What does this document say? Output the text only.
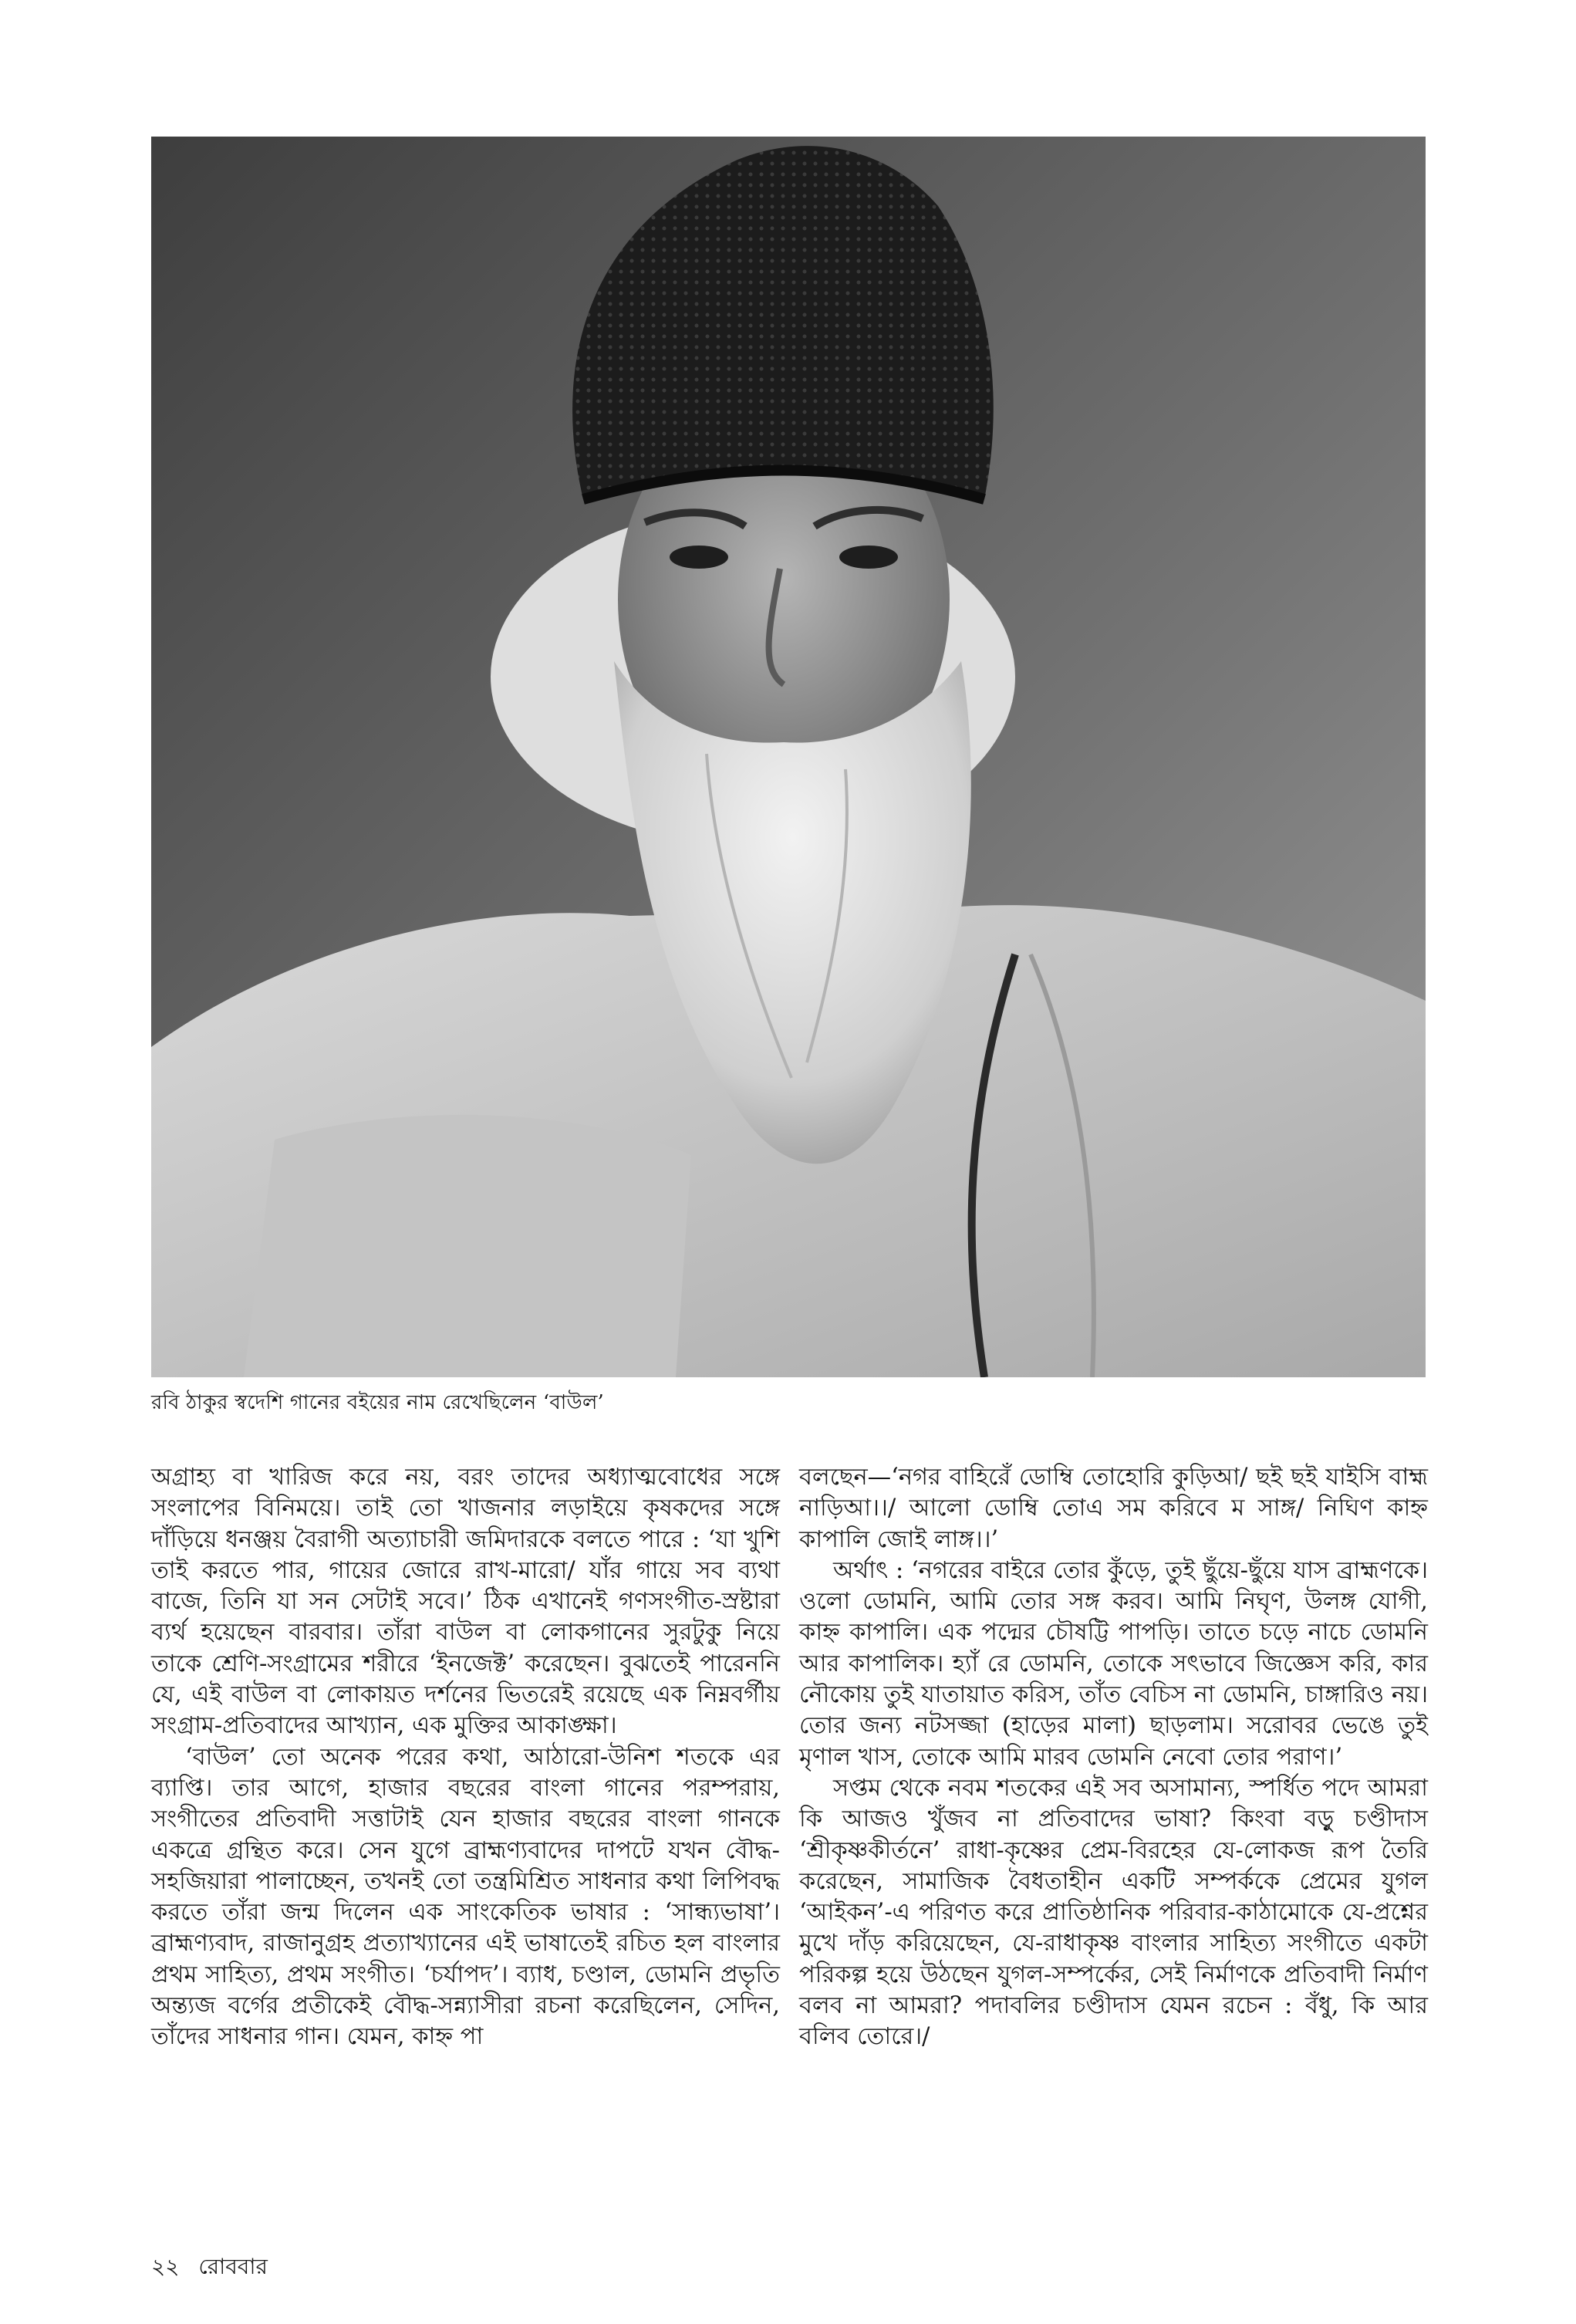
রবি ঠাকুর স্বদেশি গানের বইয়ের নাম রেখেছিলেন ‘বাউল’

অগ্রাহ্য বা খারিজ করে নয়, বরং তাদের অধ্যাত্মবোধের সঙ্গে সংলাপের বিনিময়ে। তাই তো খাজনার লড়াইয়ে কৃষকদের সঙ্গে দাঁড়িয়ে ধনঞ্জয় বৈরাগী অত্যাচারী জমিদারকে বলতে পারে : ‘যা খুশি তাই করতে পার, গায়ের জোরে রাখ-মারো/ যাঁর গায়ে সব ব্যথা বাজে, তিনি যা সন সেটাই সবে।’ ঠিক এখানেই গণসংগীত-স্রষ্টারা ব্যর্থ হয়েছেন বারবার। তাঁরা বাউল বা লোকগানের সুরটুকু নিয়ে তাকে শ্রেণি-সংগ্রামের শরীরে ‘ইনজেক্ট’ করেছেন। বুঝতেই পারেননি যে, এই বাউল বা লোকায়ত দর্শনের ভিতরেই রয়েছে এক নিম্নবর্গীয় সংগ্রাম-প্রতিবাদের আখ্যান, এক মুক্তির আকাঙ্ক্ষা।

‘বাউল’ তো অনেক পরের কথা, আঠারো-উনিশ শতকে এর ব্যাপ্তি। তার আগে, হাজার বছরের বাংলা গানের পরম্পরায়, সংগীতের প্রতিবাদী সত্তাটাই যেন হাজার বছরের বাংলা গানকে একত্রে গ্রন্থিত করে। সেন যুগে ব্রাহ্মণ্যবাদের দাপটে যখন বৌদ্ধ-সহজিয়ারা পালাচ্ছেন, তখনই তো তন্ত্রমিশ্রিত সাধনার কথা লিপিবদ্ধ করতে তাঁরা জন্ম দিলেন এক সাংকেতিক ভাষার : ‘সান্ধ্যভাষা’। ব্রাহ্মণ্যবাদ, রাজানুগ্রহ প্রত্যাখ্যানের এই ভাষাতেই রচিত হল বাংলার প্রথম সাহিত্য, প্রথম সংগীত। ‘চর্যাপদ’। ব্যাধ, চণ্ডাল, ডোমনি প্রভৃতি অন্ত্যজ বর্গের প্রতীকেই বৌদ্ধ-সন্ন্যাসীরা রচনা করেছিলেন, সেদিন, তাঁদের সাধনার গান। যেমন, কাহ্ন পা

বলছেন—‘নগর বাহিরেঁ ডোম্বি তোহোরি কুড়িআ/ ছই ছই যাইসি বাহ্ম নাড়িআ।।/ আলো ডোম্বি তোএ সম করিবে ম সাঙ্গ/ নিঘিণ কাহ্ন কাপালি জোই লাঙ্গ।।’

অর্থাৎ : ‘নগরের বাইরে তোর কুঁড়ে, তুই ছুঁয়ে-ছুঁয়ে যাস ব্রাহ্মণকে। ওলো ডোমনি, আমি তোর সঙ্গ করব। আমি নিঘৃণ, উলঙ্গ যোগী, কাহ্ন কাপালি। এক পদ্মের চৌষট্টি পাপড়ি। তাতে চড়ে নাচে ডোমনি আর কাপালিক। হ্যাঁ রে ডোমনি, তোকে সৎভাবে জিজ্ঞেস করি, কার নৌকোয় তুই যাতায়াত করিস, তাঁত বেচিস না ডোমনি, চাঙ্গারিও নয়। তোর জন্য নটসজ্জা (হাড়ের মালা) ছাড়লাম। সরোবর ভেঙে তুই মৃণাল খাস, তোকে আমি মারব ডোমনি নেবো তোর পরাণ।’

সপ্তম থেকে নবম শতকের এই সব অসামান্য, স্পর্ধিত পদে আমরা কি আজও খুঁজব না প্রতিবাদের ভাষা? কিংবা বড়ু চণ্ডীদাস ‘শ্রীকৃষ্ণকীর্তনে’ রাধা-কৃষ্ণের প্রেম-বিরহের যে-লোকজ রূপ তৈরি করেছেন, সামাজিক বৈধতাহীন একটি সম্পর্ককে প্রেমের যুগল ‘আইকন’-এ পরিণত করে প্রাতিষ্ঠানিক পরিবার-কাঠামোকে যে-প্রশ্নের মুখে দাঁড় করিয়েছেন, যে-রাধাকৃষ্ণ বাংলার সাহিত্য সংগীতে একটা পরিকল্প হয়ে উঠছেন যুগল-সম্পর্কের, সেই নির্মাণকে প্রতিবাদী নির্মাণ বলব না আমরা? পদাবলির চণ্ডীদাস যেমন রচেন : বঁধু, কি আর বলিব তোরে।/

২২ রোববার
